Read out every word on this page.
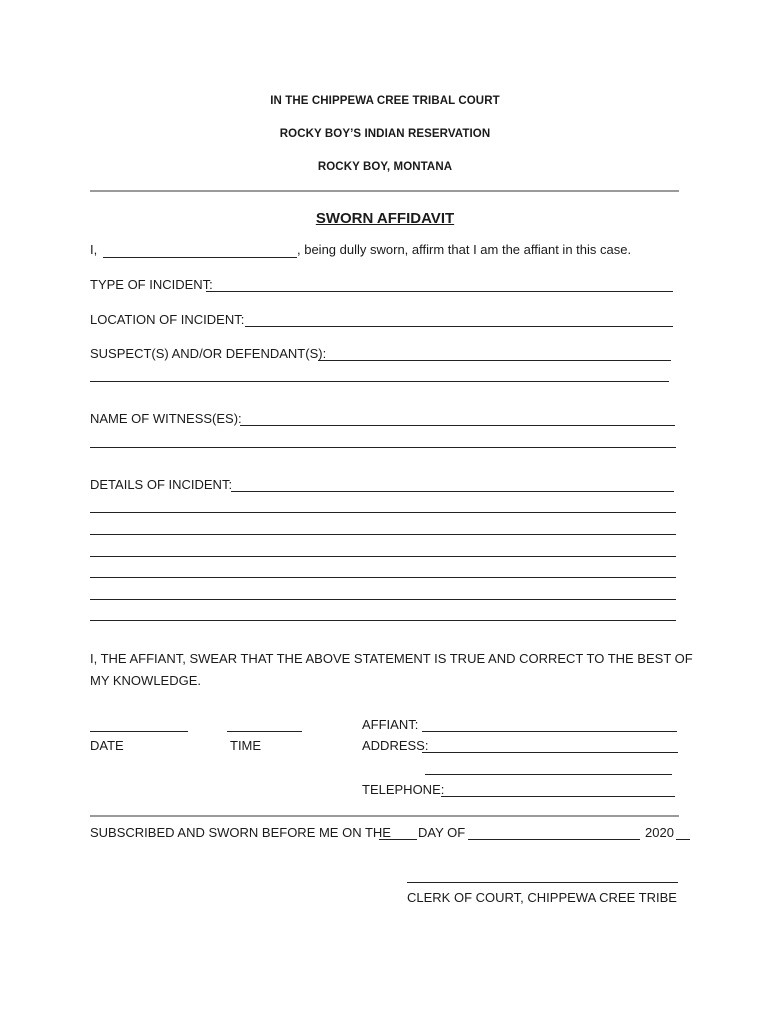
IN THE CHIPPEWA CREE TRIBAL COURT
ROCKY BOY’S INDIAN RESERVATION
ROCKY BOY, MONTANA
SWORN AFFIDAVIT
I,	, being dully sworn, affirm that I am the affiant in this case.
TYPE OF INCIDENT:
LOCATION OF INCIDENT:
SUSPECT(S) AND/OR DEFENDANT(S):
NAME OF WITNESS(ES):
DETAILS OF INCIDENT:
I, THE AFFIANT, SWEAR THAT THE ABOVE STATEMENT IS TRUE AND CORRECT TO THE BEST OF
MY KNOWLEDGE.
DATE	TIME
AFFIANT:
ADDRESS:
TELEPHONE:
SUBSCRIBED AND SWORN BEFORE ME ON THE DAY OF	2020
CLERK OF COURT, CHIPPEWA CREE TRIBE
